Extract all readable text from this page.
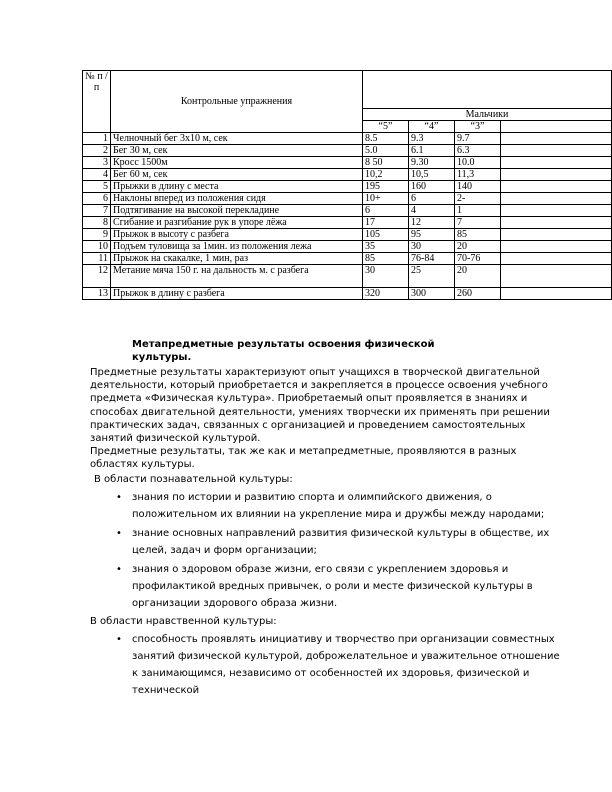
№ п /п	Контрольные упражнения				
		Мальчики			
		“5”	“4”	“3”	
1	Челночный бег 3х10 м, сек	8.5	9.3	9.7	
2	Бег 30 м, сек	5.0	6.1	6.3	
3	Кросс 1500м	8 50	9.30	10.0	
4	Бег 60 м, сек	10,2	10,5	11,3	
5	Прыжки в длину с места	195	160	140	
6	Наклоны вперед из положения сидя	10+	6	2-	
7	Подтягивание на высокой перекладине	6	4	1	
8	Сгибание и разгибание рук в упоре лёжа	17	12	7	
9	Прыжок в высоту с разбега	105	95	85	
10	Подъем туловища за 1мин. из положения лежа	35	30	20	
11	Прыжок на скакалке, 1 мин, раз	85	76-84	70-76	
12	Метание мяча 150 г. на дальность м. с разбега	30	25	20	
13	Прыжок в длину с разбега	320	300	260	
Метапредметные результаты освоения физической культуры.

Предметные результаты характеризуют опыт учащихся в творческой двигательной деятельности, который приобретается и закрепляется в процессе освоения учебного предмета «Физическая культура». Приобретаемый опыт проявляется в знаниях и способах двигательной деятельности, умениях творчески их применять при решении практических задач, связанных с организацией и проведением самостоятельных занятий физической культурой.

Предметные результаты, так же как и метапредметные, проявляются в разных областях культуры.

В области познавательной культуры:

• знания по истории и развитию спорта и олимпийского движения, о положительном их влиянии на укрепление мира и дружбы между народами;
• знание основных направлений развития физической культуры в обществе, их целей, задач и форм организации;
• знания о здоровом образе жизни, его связи с укреплением здоровья и профилактикой вредных привычек, о роли и месте физической культуры в организации здорового образа жизни.

В области нравственной культуры:

• способность проявлять инициативу и творчество при организации совместных занятий физической культурой, доброжелательное и уважительное отношение к занимающимся, независимо от особенностей их здоровья, физической и технической
